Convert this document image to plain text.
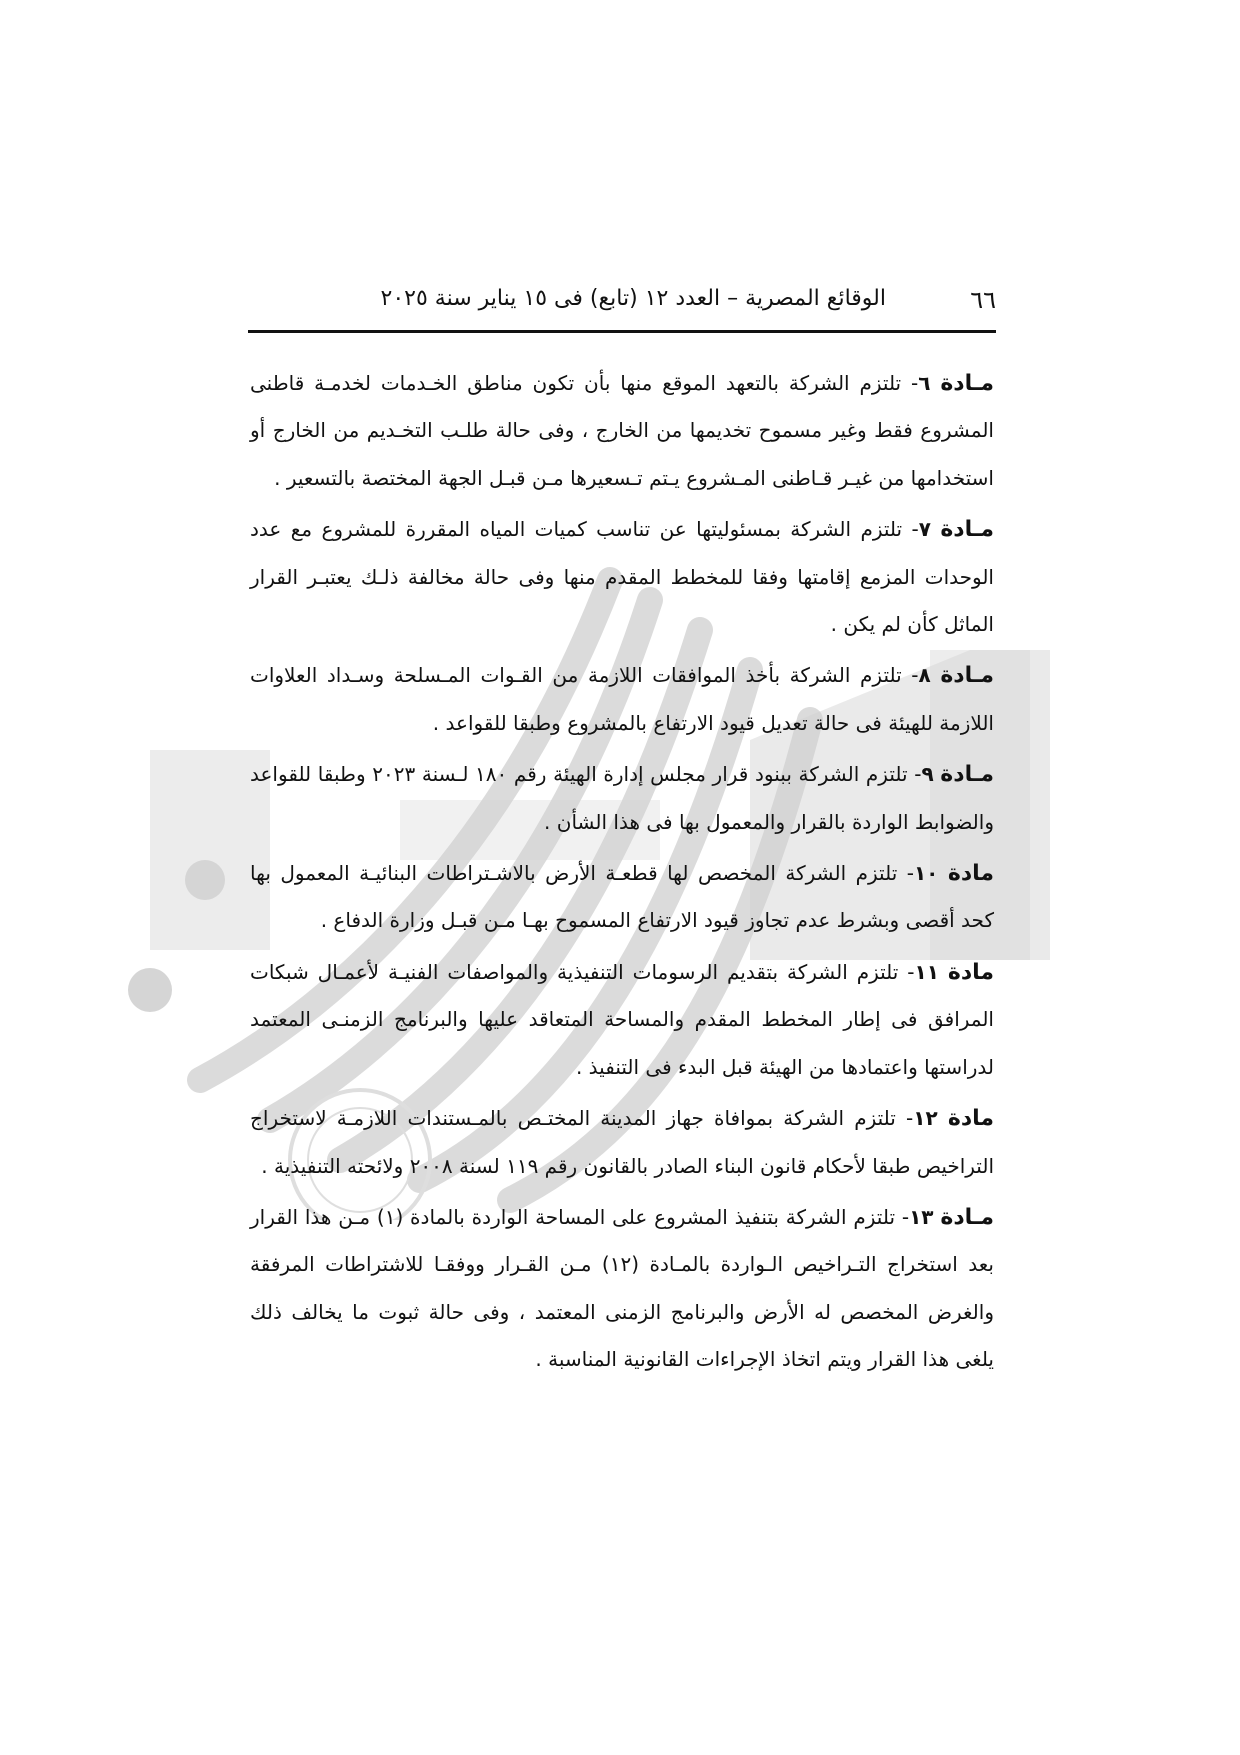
٦٦
الوقائع المصرية – العدد ١٢ (تابع) فى ١٥ يناير سنة ٢٠٢٥

مـادة ٦- تلتزم الشركة بالتعهد الموقع منها بأن تكون مناطق الخـدمات لخدمـة قاطنى المشروع فقط وغير مسموح تخديمها من الخارج ، وفى حالة طلـب التخـديم من الخارج أو استخدامها من غيـر قـاطنى المـشروع يـتم تـسعيرها مـن قبـل الجهة المختصة بالتسعير .

مـادة ٧- تلتزم الشركة بمسئوليتها عن تناسب كميات المياه المقررة للمشروع مع عدد الوحدات المزمع إقامتها وفقا للمخطط المقدم منها وفى حالة مخالفة ذلـك يعتبـر القرار الماثل كأن لم يكن .

مـادة ٨- تلتزم الشركة بأخذ الموافقات اللازمة من القـوات المـسلحة وسـداد العلاوات اللازمة للهيئة فى حالة تعديل قيود الارتفاع بالمشروع وطبقا للقواعد .

مـادة ٩- تلتزم الشركة ببنود قرار مجلس إدارة الهيئة رقم ١٨٠ لـسنة ٢٠٢٣ وطبقا للقواعد والضوابط الواردة بالقرار والمعمول بها فى هذا الشأن .

مادة ١٠- تلتزم الشركة المخصص لها قطعـة الأرض بالاشـتراطات البنائيـة المعمول بها كحد أقصى وبشرط عدم تجاوز قيود الارتفاع المسموح بهـا مـن قبـل وزارة الدفاع .

مادة ١١- تلتزم الشركة بتقديم الرسومات التنفيذية والمواصفات الفنيـة لأعمـال شبكات المرافق فى إطار المخطط المقدم والمساحة المتعاقد عليها والبرنامج الزمنـى المعتمد لدراستها واعتمادها من الهيئة قبل البدء فى التنفيذ .

مادة ١٢- تلتزم الشركة بموافاة جهاز المدينة المختـص بالمـستندات اللازمـة لاستخراج التراخيص طبقا لأحكام قانون البناء الصادر بالقانون رقم ١١٩ لسنة ٢٠٠٨ ولائحته التنفيذية .

مـادة ١٣- تلتزم الشركة بتنفيذ المشروع على المساحة الواردة بالمادة (١) مـن هذا القرار بعد استخراج التـراخيص الـواردة بالمـادة (١٢) مـن القـرار ووفقـا للاشتراطات المرفقة والغرض المخصص له الأرض والبرنامج الزمنى المعتمد ، وفى حالة ثبوت ما يخالف ذلك يلغى هذا القرار ويتم اتخاذ الإجراءات القانونية المناسبة .
